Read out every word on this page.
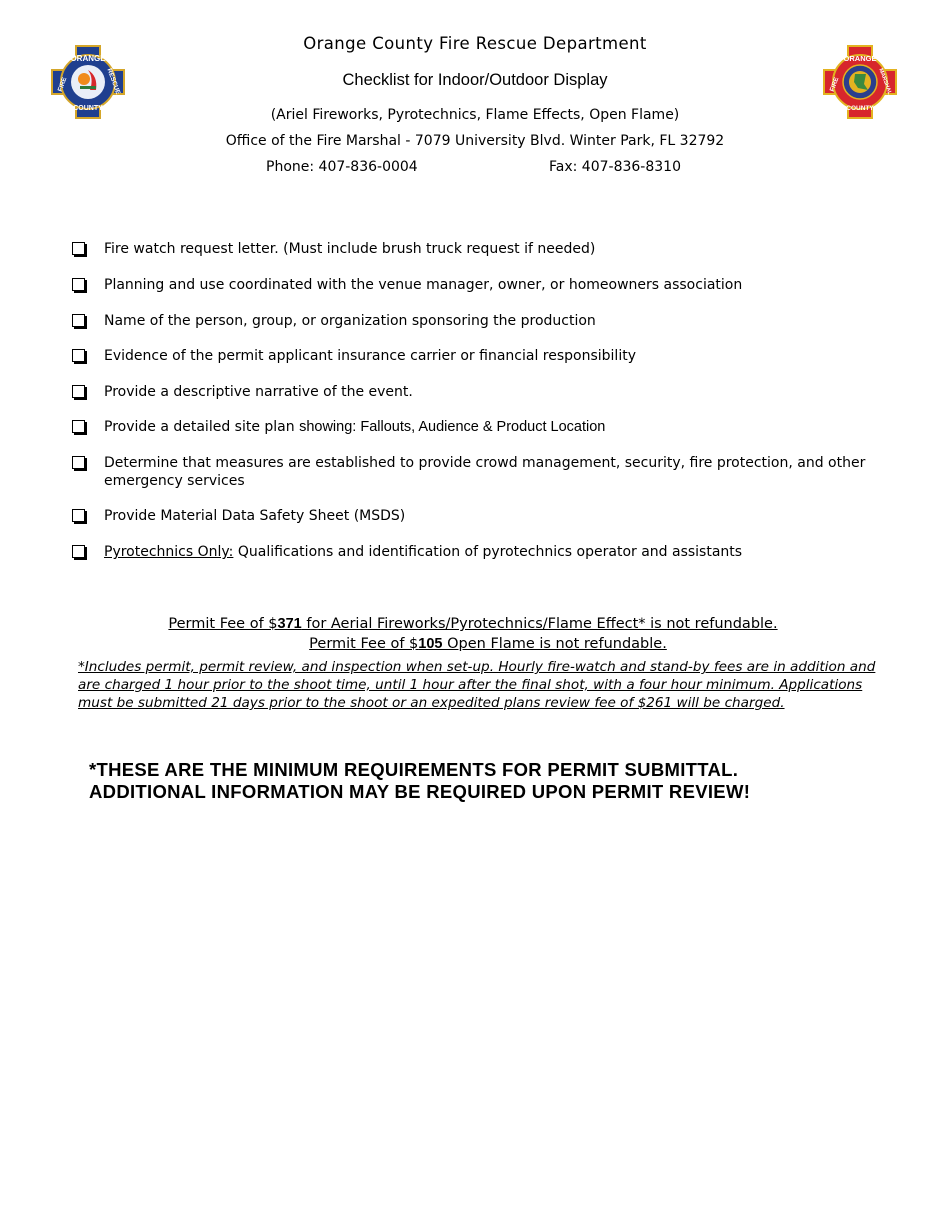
ORANGE
COUNTY
FIRE	RESCUE
ORANGE
COUNTY
FIRE	MARSHAL
Orange County Fire Rescue Department
Checklist for Indoor/Outdoor Display
(Ariel Fireworks, Pyrotechnics, Flame Effects, Open Flame)
Office of the Fire Marshal - 7079 University Blvd. Winter Park, FL 32792
Phone: 407-836-0004	Fax: 407-836-8310
Fire watch request letter. (Must include brush truck request if needed)
Planning and use coordinated with the venue manager, owner, or homeowners association
Name of the person, group, or organization sponsoring the production
Evidence of the permit applicant insurance carrier or financial responsibility
Provide a descriptive narrative of the event.
Provide a detailed site plan showing: Fallouts, Audience & Product Location
Determine that measures are established to provide crowd management, security, fire protection, and other emergency services
Provide Material Data Safety Sheet (MSDS)
Pyrotechnics Only: Qualifications and identification of pyrotechnics operator and assistants
Permit Fee of $371 for Aerial Fireworks/Pyrotechnics/Flame Effect* is not refundable.
Permit Fee of $105 Open Flame is not refundable.
*Includes permit, permit review, and inspection when set-up. Hourly fire-watch and stand-by fees are in addition and are charged 1 hour prior to the shoot time, until 1 hour after the final shot, with a four hour minimum. Applications must be submitted 21 days prior to the shoot or an expedited plans review fee of $261 will be charged.
*THESE ARE THE MINIMUM REQUIREMENTS FOR PERMIT SUBMITTAL.
ADDITIONAL INFORMATION MAY BE REQUIRED UPON PERMIT REVIEW!
